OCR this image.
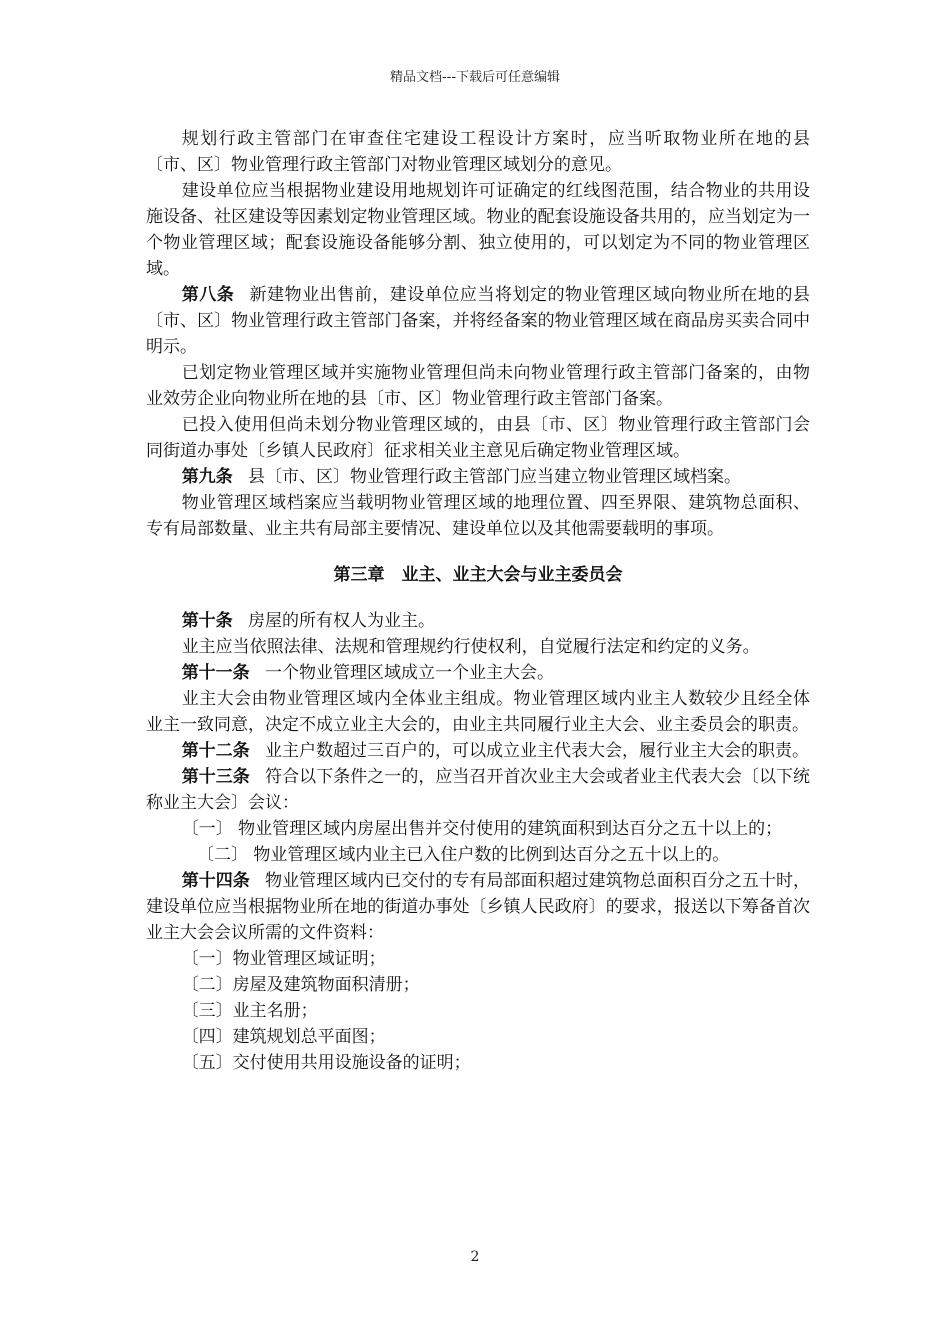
精品文档---下载后可任意编辑

规划行政主管部门在审查住宅建设工程设计方案时，应当听取物业所在地的县〔市、区〕物业管理行政主管部门对物业管理区域划分的意见。

建设单位应当根据物业建设用地规划许可证确定的红线图范围，结合物业的共用设施设备、社区建设等因素划定物业管理区域。物业的配套设施设备共用的，应当划定为一个物业管理区域；配套设施设备能够分割、独立使用的，可以划定为不同的物业管理区域。

第八条 新建物业出售前，建设单位应当将划定的物业管理区域向物业所在地的县〔市、区〕物业管理行政主管部门备案，并将经备案的物业管理区域在商品房买卖合同中明示。

已划定物业管理区域并实施物业管理但尚未向物业管理行政主管部门备案的，由物业效劳企业向物业所在地的县〔市、区〕物业管理行政主管部门备案。

已投入使用但尚未划分物业管理区域的，由县〔市、区〕物业管理行政主管部门会同街道办事处〔乡镇人民政府〕征求相关业主意见后确定物业管理区域。

第九条 县〔市、区〕物业管理行政主管部门应当建立物业管理区域档案。

物业管理区域档案应当载明物业管理区域的地理位置、四至界限、建筑物总面积、专有局部数量、业主共有局部主要情况、建设单位以及其他需要载明的事项。

第三章　业主、业主大会与业主委员会

第十条 房屋的所有权人为业主。

业主应当依照法律、法规和管理规约行使权利，自觉履行法定和约定的义务。

第十一条 一个物业管理区域成立一个业主大会。

业主大会由物业管理区域内全体业主组成。物业管理区域内业主人数较少且经全体业主一致同意，决定不成立业主大会的，由业主共同履行业主大会、业主委员会的职责。

第十二条 业主户数超过三百户的，可以成立业主代表大会，履行业主大会的职责。

第十三条 符合以下条件之一的，应当召开首次业主大会或者业主代表大会〔以下统称业主大会〕会议：

〔一〕 物业管理区域内房屋出售并交付使用的建筑面积到达百分之五十以上的；

〔二〕 物业管理区域内业主已入住户数的比例到达百分之五十以上的。

第十四条 物业管理区域内已交付的专有局部面积超过建筑物总面积百分之五十时，建设单位应当根据物业所在地的街道办事处〔乡镇人民政府〕的要求，报送以下筹备首次业主大会会议所需的文件资料：

〔一〕物业管理区域证明；

〔二〕房屋及建筑物面积清册；

〔三〕业主名册；

〔四〕建筑规划总平面图；

〔五〕交付使用共用设施设备的证明；

2
